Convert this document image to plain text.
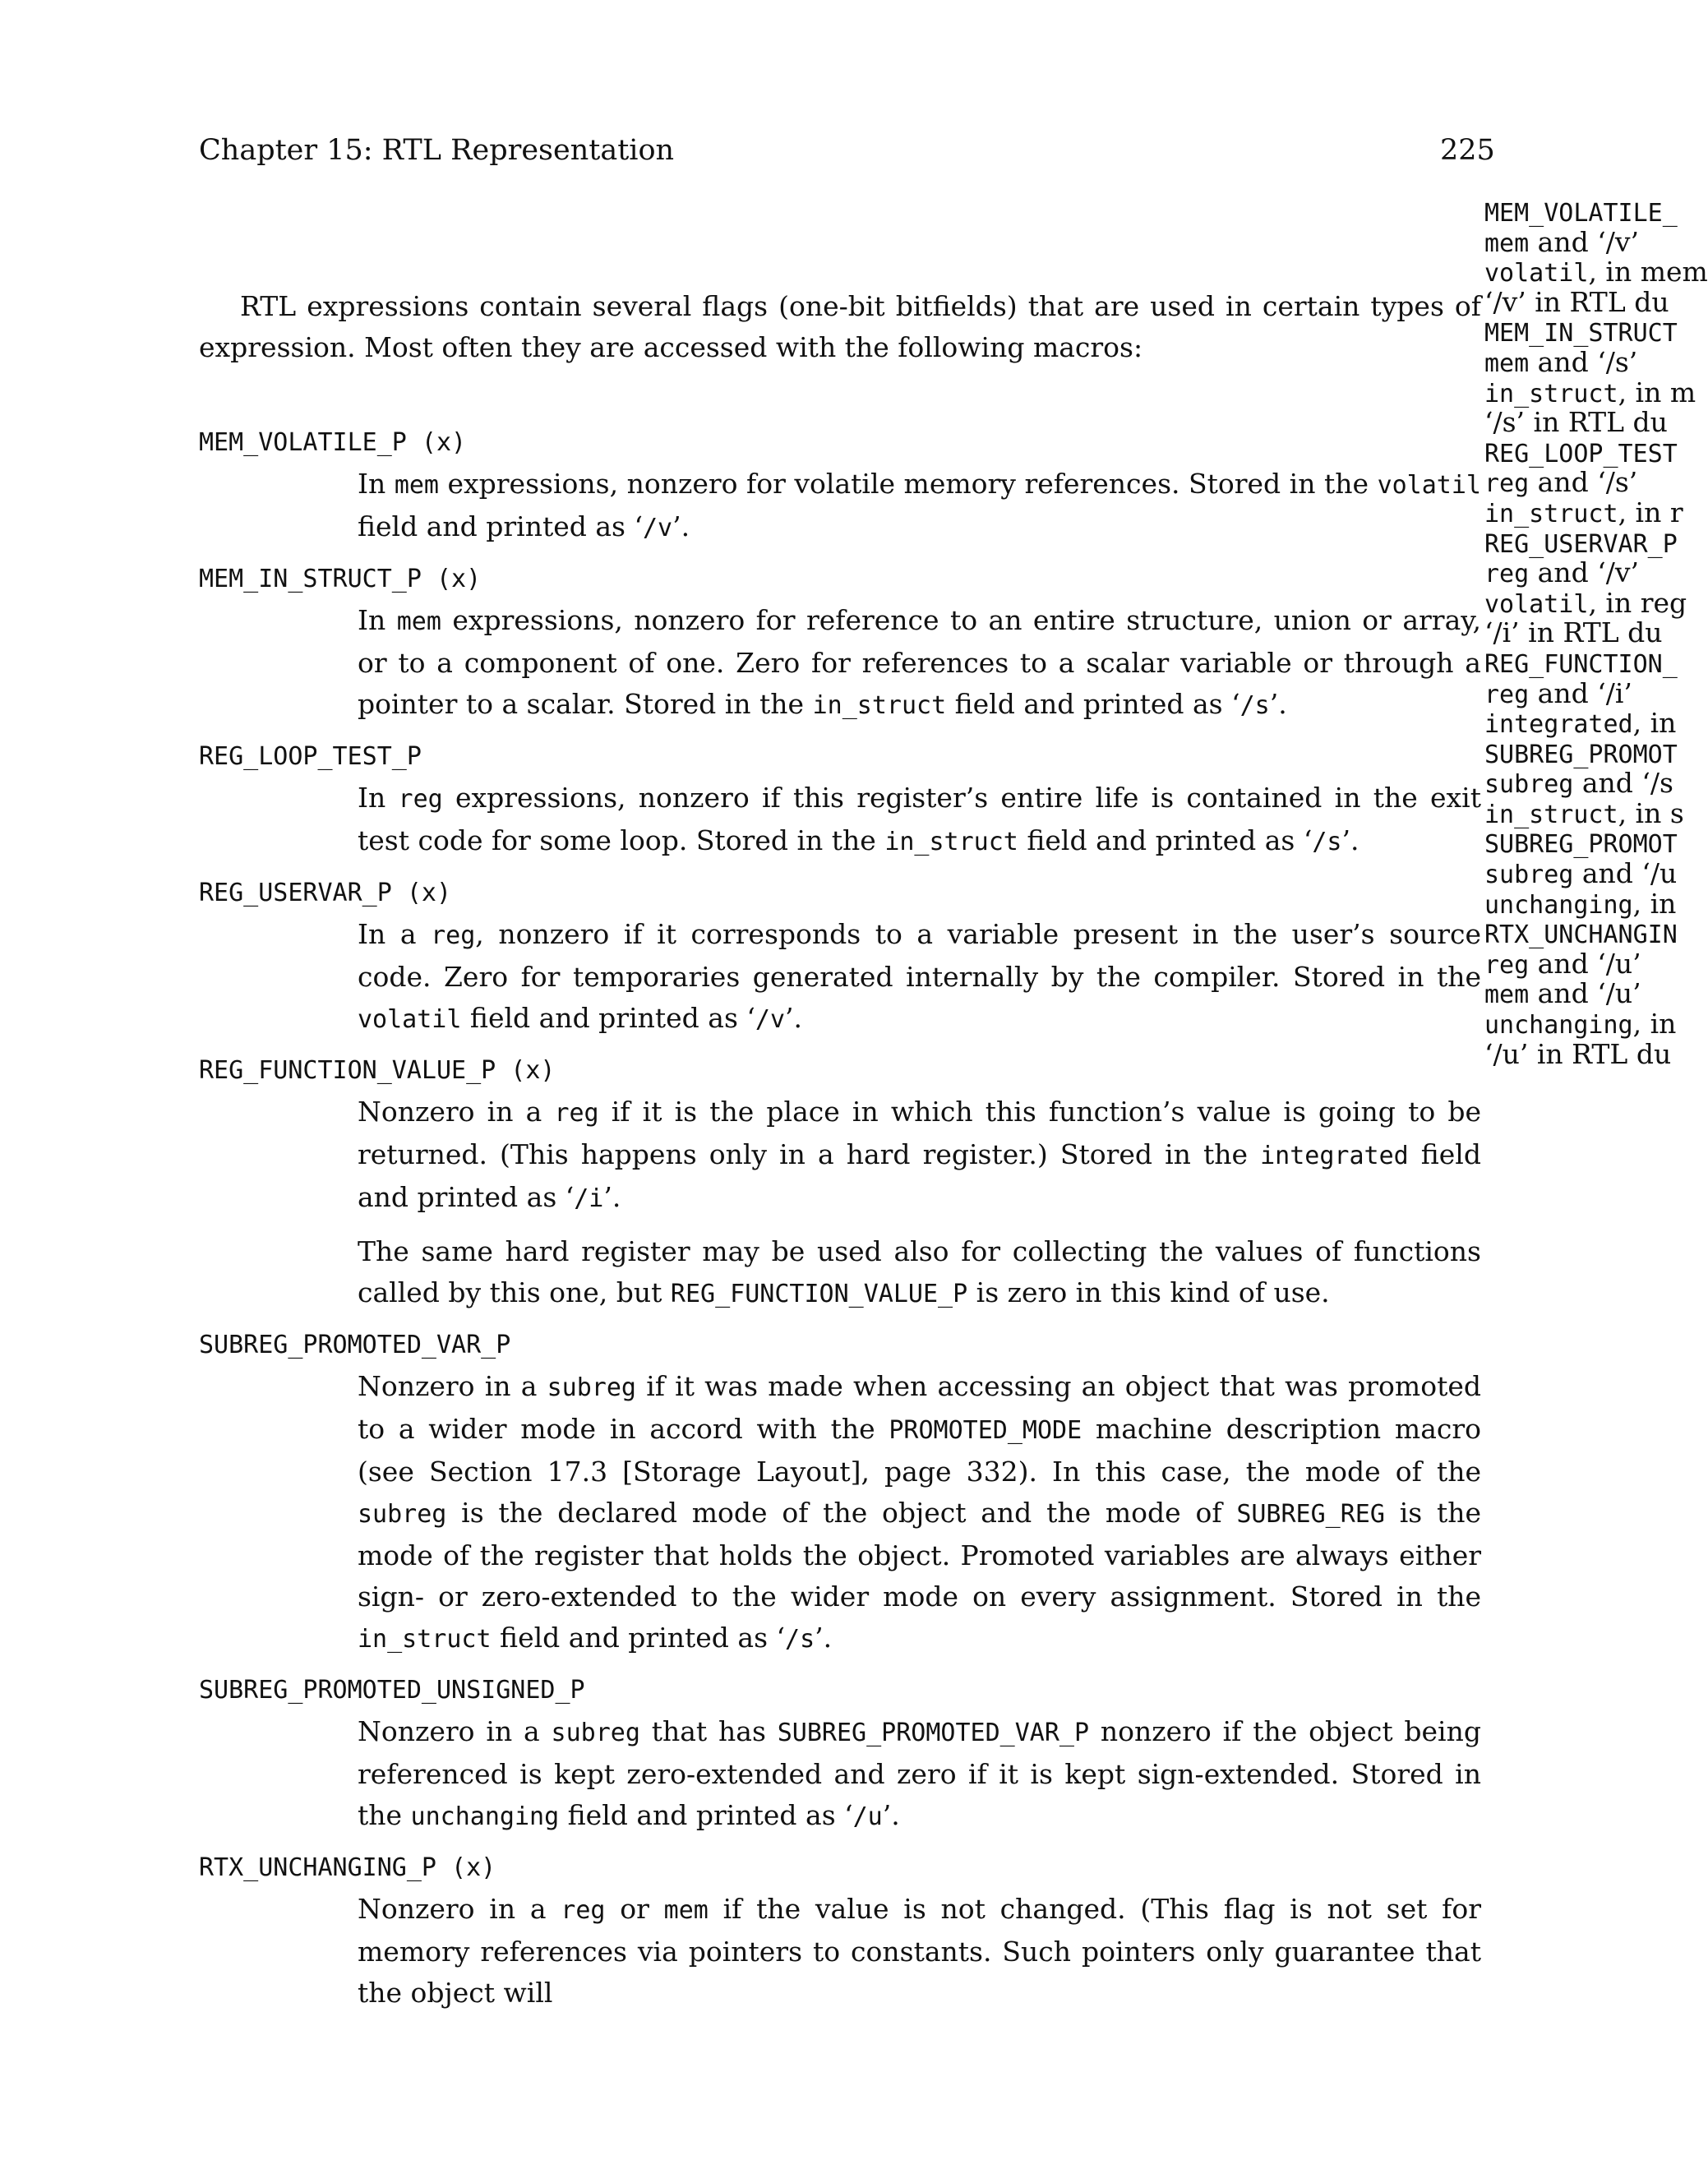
Chapter 15: RTL Representation	225

RTL expressions contain several flags (one-bit bitfields) that are used in certain types of expression. Most often they are accessed with the following macros:

MEM_VOLATILE_P (x)

In mem expressions, nonzero for volatile memory references. Stored in the volatil field and printed as ‘/v’.

MEM_IN_STRUCT_P (x)

In mem expressions, nonzero for reference to an entire structure, union or array, or to a component of one. Zero for references to a scalar variable or through a pointer to a scalar. Stored in the in_struct field and printed as ‘/s’.

REG_LOOP_TEST_P

In reg expressions, nonzero if this register’s entire life is contained in the exit test code for some loop. Stored in the in_struct field and printed as ‘/s’.

REG_USERVAR_P (x)

In a reg, nonzero if it corresponds to a variable present in the user’s source code. Zero for temporaries generated internally by the compiler. Stored in the volatil field and printed as ‘/v’.

REG_FUNCTION_VALUE_P (x)

Nonzero in a reg if it is the place in which this function’s value is going to be returned. (This happens only in a hard register.) Stored in the integrated field and printed as ‘/i’.

The same hard register may be used also for collecting the values of functions called by this one, but REG_FUNCTION_VALUE_P is zero in this kind of use.

SUBREG_PROMOTED_VAR_P

Nonzero in a subreg if it was made when accessing an object that was promoted to a wider mode in accord with the PROMOTED_MODE machine description macro (see Section 17.3 [Storage Layout], page 332). In this case, the mode of the subreg is the declared mode of the object and the mode of SUBREG_REG is the mode of the register that holds the object. Promoted variables are always either sign- or zero-extended to the wider mode on every assignment. Stored in the in_struct field and printed as ‘/s’.

SUBREG_PROMOTED_UNSIGNED_P

Nonzero in a subreg that has SUBREG_PROMOTED_VAR_P nonzero if the object being referenced is kept zero-extended and zero if it is kept sign-extended. Stored in the unchanging field and printed as ‘/u’.

RTX_UNCHANGING_P (x)

Nonzero in a reg or mem if the value is not changed. (This flag is not set for memory references via pointers to constants. Such pointers only guarantee that the object will

MEM_VOLATILE_
mem and ‘/v’
volatil, in mem
‘/v’ in RTL du
MEM_IN_STRUCT
mem and ‘/s’
in_struct, in m
‘/s’ in RTL du
REG_LOOP_TEST
reg and ‘/s’
in_struct, in r
REG_USERVAR_P
reg and ‘/v’
volatil, in reg
‘/i’ in RTL du
REG_FUNCTION_
reg and ‘/i’
integrated, in
SUBREG_PROMOT
subreg and ‘/s
in_struct, in s
SUBREG_PROMOT
subreg and ‘/u
unchanging, in
RTX_UNCHANGIN
reg and ‘/u’
mem and ‘/u’
unchanging, in
‘/u’ in RTL du
